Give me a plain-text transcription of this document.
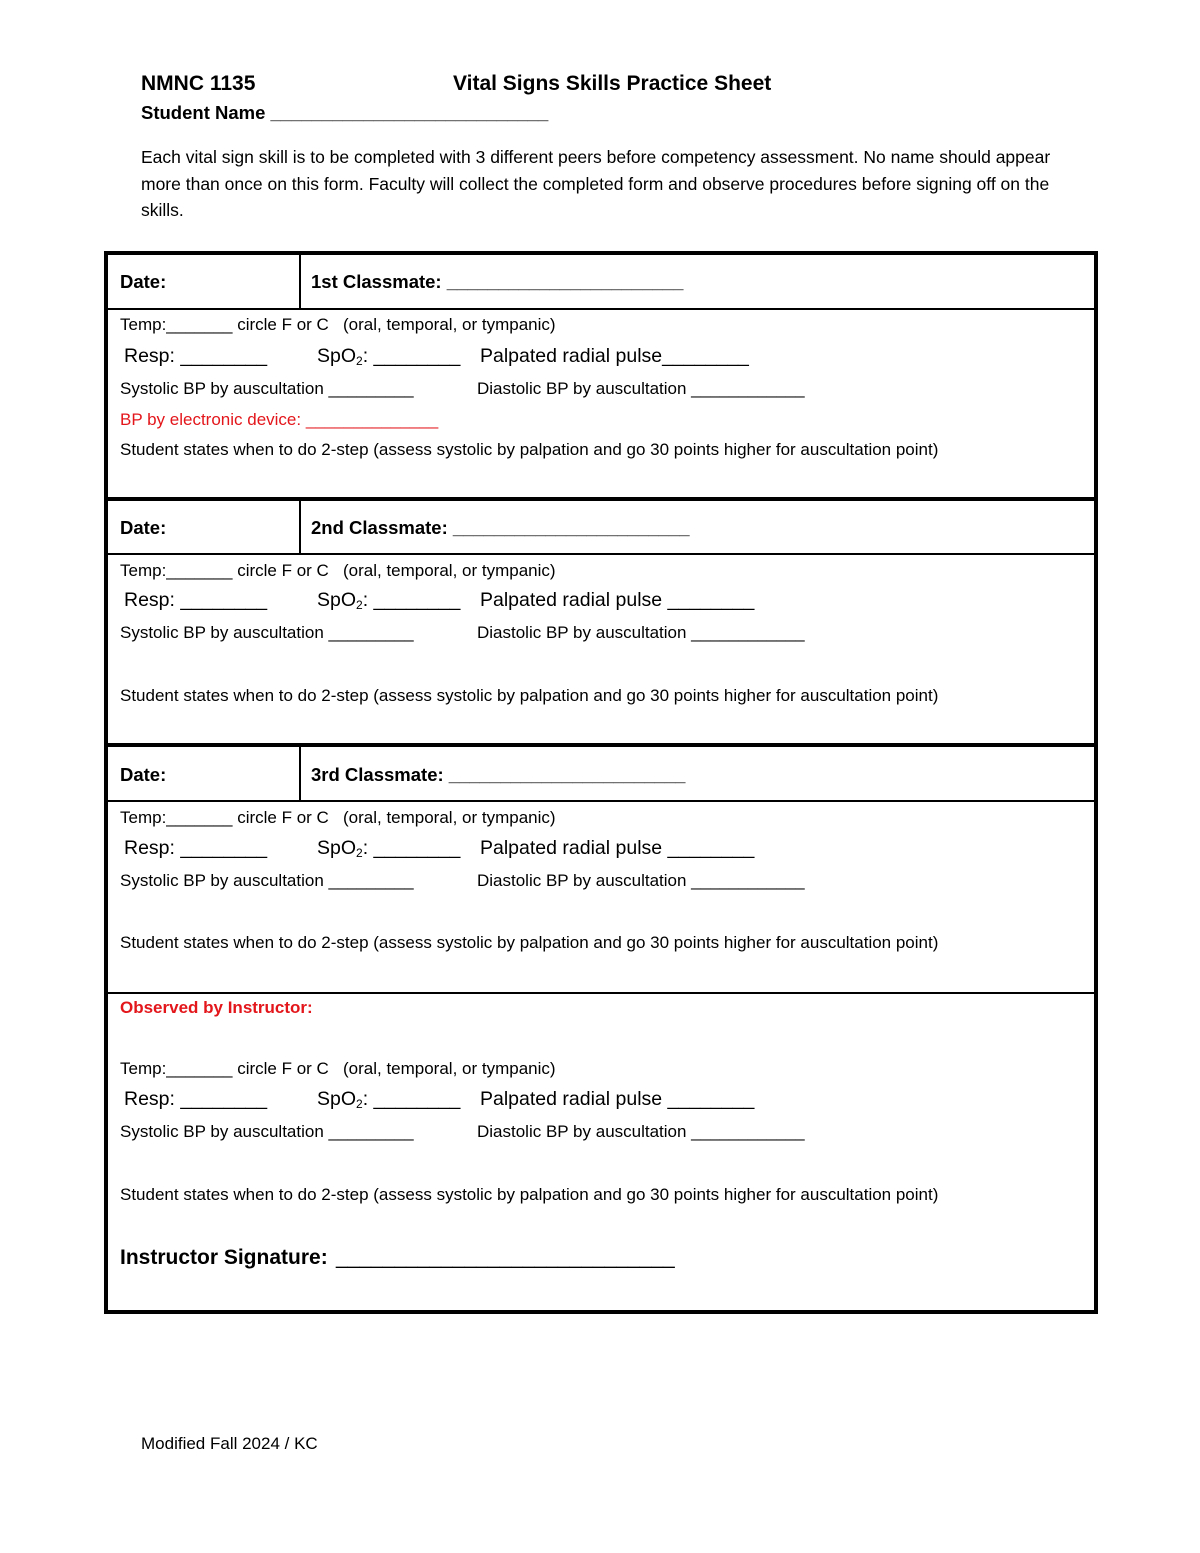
NMNC 1135	Vital Signs Skills Practice Sheet
Student Name ___________________________
Each vital sign skill is to be completed with 3 different peers before competency assessment. No name should appear more than once on this form. Faculty will collect the completed form and observe procedures before signing off on the skills.
Date:	1st Classmate: _______________________
Temp:_______ circle F or C   (oral, temporal, or tympanic)
Resp: ________	SpO$_2$: ________ Palpated radial pulse________
Systolic BP by auscultation _________	Diastolic BP by auscultation ____________
BP by electronic device: ______________
Student states when to do 2-step (assess systolic by palpation and go 30 points higher for auscultation point)
Date:	2nd Classmate: _______________________
Temp:_______ circle F or C   (oral, temporal, or tympanic)
Resp: ________	SpO$_2$: ________ Palpated radial pulse ________
Systolic BP by auscultation _________	Diastolic BP by auscultation ____________
Student states when to do 2-step (assess systolic by palpation and go 30 points higher for auscultation point)
Date:	3rd Classmate: _______________________
Temp:_______ circle F or C   (oral, temporal, or tympanic)
Resp: ________	SpO$_2$: ________ Palpated radial pulse ________
Systolic BP by auscultation _________	Diastolic BP by auscultation ____________
Student states when to do 2-step (assess systolic by palpation and go 30 points higher for auscultation point)
Observed by Instructor:
Temp:_______ circle F or C   (oral, temporal, or tympanic)
Resp: ________	SpO$_2$: ________ Palpated radial pulse ________
Systolic BP by auscultation _________	Diastolic BP by auscultation ____________
Student states when to do 2-step (assess systolic by palpation and go 30 points higher for auscultation point)
Instructor Signature: _____________________________
Modified Fall 2024 / KC
